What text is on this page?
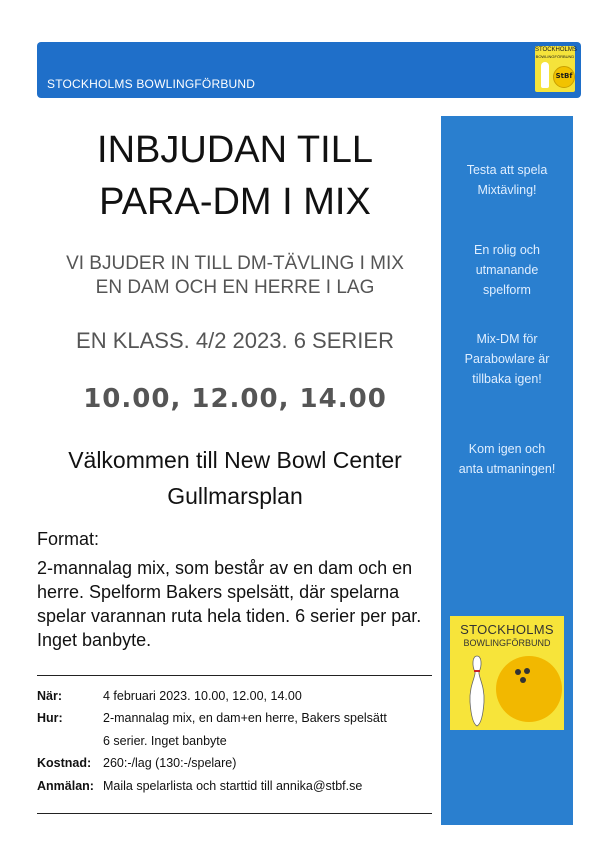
STOCKHOLMS BOWLINGFÖRBUND
STOCKHOLMS
BOWLINGFÖRBUND
StBf
INBJUDAN TILL
PARA-DM I MIX
VI BJUDER IN TILL DM-TÄVLING I MIX
EN DAM OCH EN HERRE I LAG
EN KLASS. 4/2 2023. 6 SERIER
10.00, 12.00, 14.00
Välkommen till New Bowl Center
Gullmarsplan
Format:
2-mannalag mix, som består av en dam och en herre. Spelform Bakers spelsätt, där spelarna spelar varannan ruta hela tiden. 6 serier per par. Inget banbyte.
När:	4 februari 2023. 10.00, 12.00, 14.00
Hur:	2-mannalag mix, en dam+en herre, Bakers spelsätt
6 serier. Inget banbyte
Kostnad: 260:-/lag (130:-/spelare)
Anmälan: Maila spelarlista och starttid till annika@stbf.se
Testa att spela Mixtävling!
En rolig och utmanande spelform
Mix-DM för Parabowlare är tillbaka igen!
Kom igen och anta utmaningen!
STOCKHOLMS
BOWLINGFÖRBUND
